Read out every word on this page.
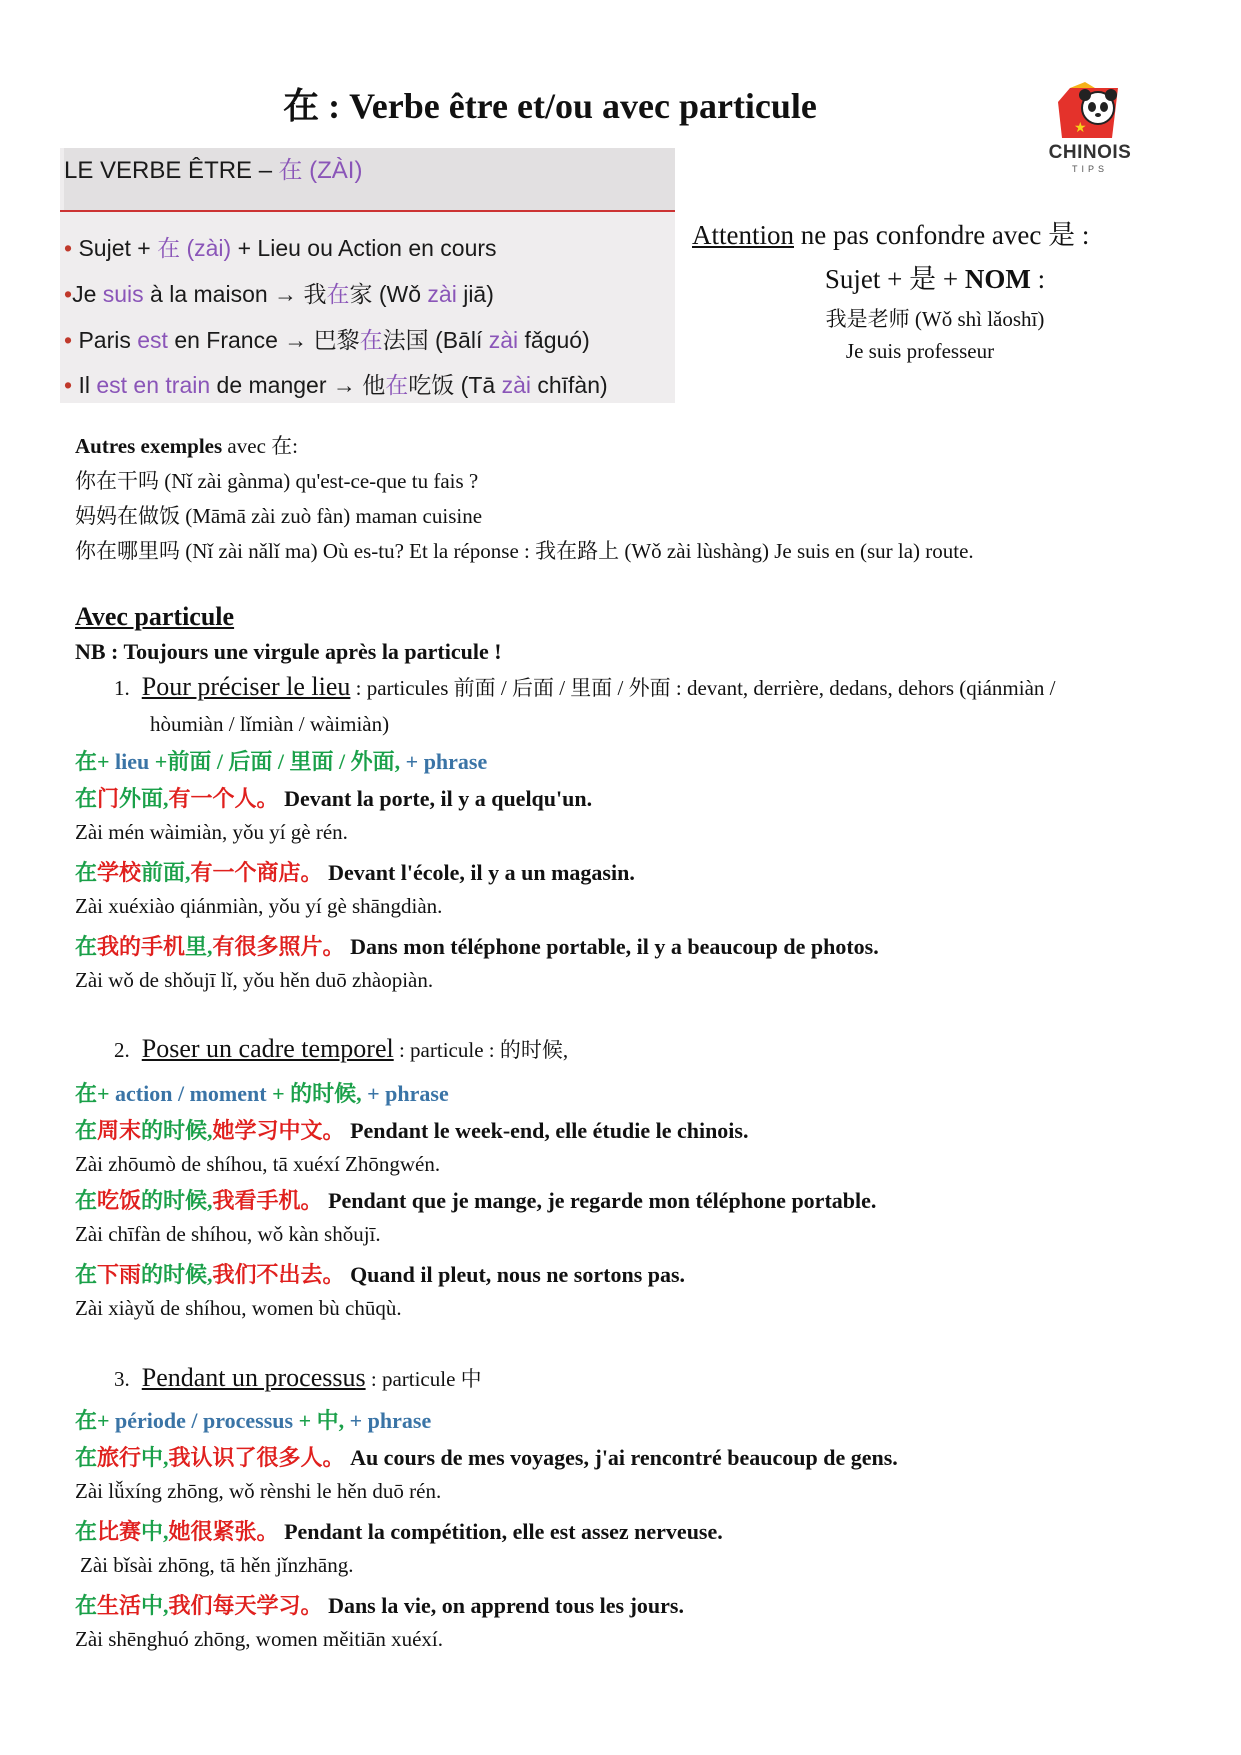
在 : Verbe être et/ou avec particule
★
CHINOIS
TIPS
LE VERBE ÊTRE – 在 (ZÀI)
• Sujet + 在 (zài) + Lieu ou Action en cours
•Je suis à la maison → 我在家 (Wǒ zài jiā)
• Paris est en France → 巴黎在法国 (Bālí zài fǎguó)
• Il est en train de manger → 他在吃饭 (Tā zài chīfàn)
Attention ne pas confondre avec 是 :
Sujet + 是 + NOM :
我是老师 (Wǒ shì lǎoshī)
Je suis professeur
Autres exemples avec 在:
你在干吗 (Nǐ zài gànma) qu'est-ce-que tu fais ?
妈妈在做饭 (Māmā zài zuò fàn) maman cuisine
你在哪里吗 (Nǐ zài nǎlǐ ma) Où es-tu? Et la réponse : 我在路上 (Wǒ zài lùshàng) Je suis en (sur la) route.
Avec particule
NB : Toujours une virgule après la particule !
1. Pour préciser le lieu : particules 前面 / 后面 / 里面 / 外面 : devant, derrière, dedans, dehors (qiánmiàn /
hòumiàn / lǐmiàn / wàimiàn)
在+ lieu +前面 / 后面 / 里面 / 外面, + phrase
在门外面,有一个人。 Devant la porte, il y a quelqu'un.
Zài mén wàimiàn, yǒu yí gè rén.
在学校前面,有一个商店。 Devant l'école, il y a un magasin.
Zài xuéxiào qiánmiàn, yǒu yí gè shāngdiàn.
在我的手机里,有很多照片。 Dans mon téléphone portable, il y a beaucoup de photos.
Zài wǒ de shǒujī lǐ, yǒu hěn duō zhàopiàn.
2. Poser un cadre temporel : particule : 的时候,
在+ action / moment + 的时候, + phrase
在周末的时候,她学习中文。 Pendant le week-end, elle étudie le chinois.
Zài zhōumò de shíhou, tā xuéxí Zhōngwén.
在吃饭的时候,我看手机。 Pendant que je mange, je regarde mon téléphone portable.
Zài chīfàn de shíhou, wǒ kàn shǒujī.
在下雨的时候,我们不出去。 Quand il pleut, nous ne sortons pas.
Zài xiàyǔ de shíhou, women bù chūqù.
3. Pendant un processus : particule 中
在+ période / processus + 中, + phrase
在旅行中,我认识了很多人。 Au cours de mes voyages, j'ai rencontré beaucoup de gens.
Zài lǚxíng zhōng, wǒ rènshi le hěn duō rén.
在比赛中,她很紧张。 Pendant la compétition, elle est assez nerveuse.
Zài bǐsài zhōng, tā hěn jǐnzhāng.
在生活中,我们每天学习。 Dans la vie, on apprend tous les jours.
Zài shēnghuó zhōng, women měitiān xuéxí.
